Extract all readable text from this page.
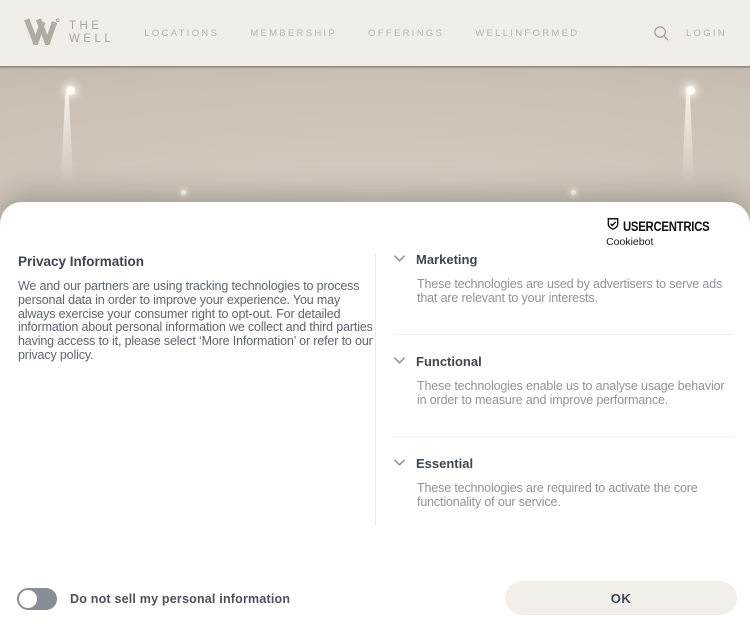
THE
WELL	LOCATIONS	MEMBERSHIP	OFFERINGS	WELLINFORMED	LOGIN
USERCENTRICS
Cookiebot
Privacy Information

We and our partners are using tracking technologies to process personal data in order to improve your experience. You may always exercise your consumer right to opt-out. For detailed information about personal information we collect and third parties having access to it, please select ‘More Information’ or refer to our privacy policy.

Marketing

These technologies are used by advertisers to serve ads that are relevant to your interests.

Functional

These technologies enable us to analyse usage behavior in order to measure and improve performance.

Essential

These technologies are required to activate the core functionality of our service.

Do not sell my personal information	OK
